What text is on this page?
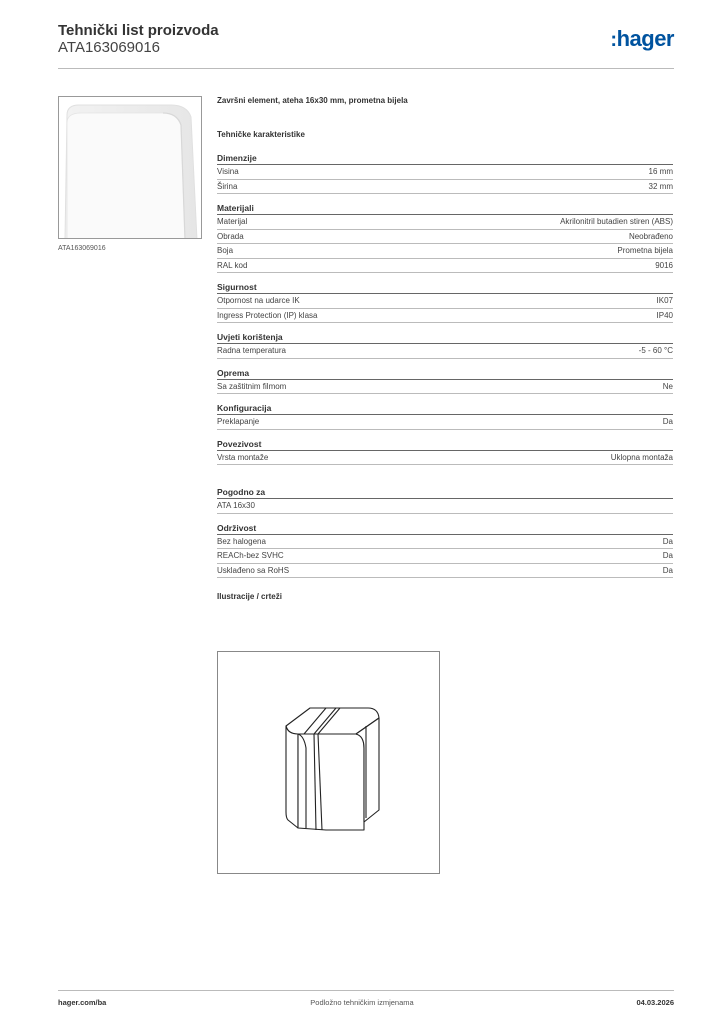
Tehnički list proizvoda
ATA163069016	:hager
ATA163069016
Završni element, ateha 16x30 mm, prometna bijela
Tehničke karakteristike
Dimenzije
Visina	16 mm
Širina	32 mm
Materijali
Materijal	Akrilonitril butadien stiren (ABS)
Obrada	Neobrađeno
Boja	Prometna bijela
RAL kod	9016
Sigurnost
Otpornost na udarce IK	IK07
Ingress Protection (IP) klasa	IP40
Uvjeti korištenja
Radna temperatura	-5 - 60 °C
Oprema
Sa zaštitnim filmom	Ne
Konfiguracija
Preklapanje	Da
Povezivost
Vrsta montaže	Uklopna montaža
Pogodno za
ATA 16x30
Održivost
Bez halogena	Da
REACh-bez SVHC	Da
Usklađeno sa RoHS	Da
Ilustracije / crteži
hager.com/ba	Podložno tehničkim izmjenama	04.03.2026
